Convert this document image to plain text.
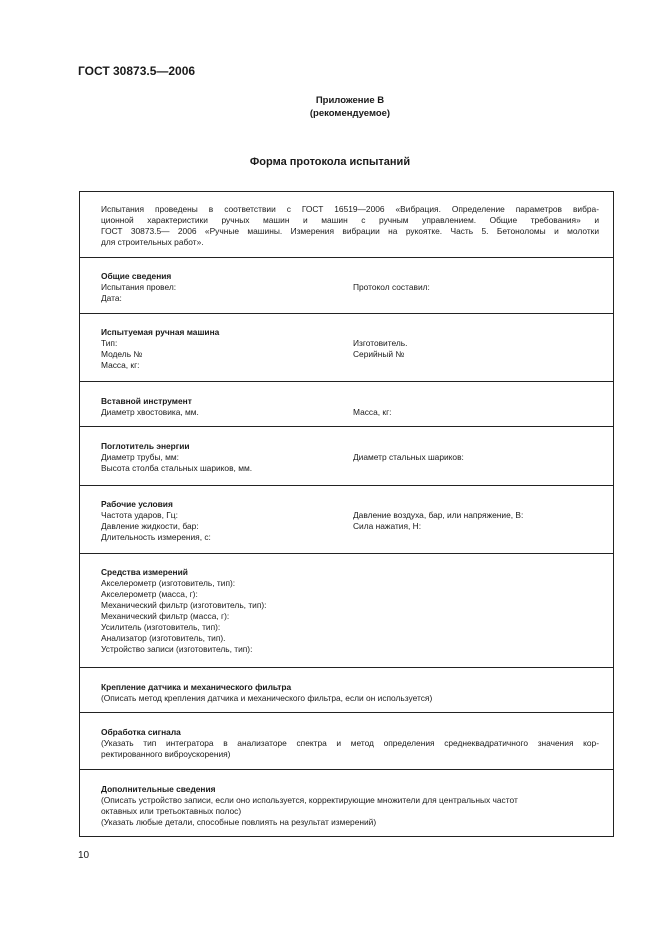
ГОСТ 30873.5—2006
Приложение В
(рекомендуемое)
Форма протокола испытаний
Испытания проведены в соответствии с ГОСТ 16519—2006 «Вибрация. Определение параметров вибра-
ционной характеристики ручных машин и машин с ручным управлением. Общие требования» и
ГОСТ 30873.5— 2006 «Ручные машины. Измерения вибрации на рукоятке. Часть 5. Бетоноломы и молотки
для строительных работ».
Общие сведения
Испытания провел:	Протокол составил:
Дата:
Испытуемая ручная машина
Тип:	Изготовитель.
Модель №	Серийный №
Масса, кг:
Вставной инструмент
Диаметр хвостовика, мм.	Масса, кг:
Поглотитель энергии
Диаметр трубы, мм:	Диаметр стальных шариков:
Высота столба стальных шариков, мм.
Рабочие условия
Частота ударов, Гц:	Давление воздуха, бар, или напряжение, В:
Давление жидкости, бар:	Сила нажатия, Н:
Длительность измерения, с:
Средства измерений
Акселерометр (изготовитель, тип):
Акселерометр (масса, г):
Механический фильтр (изготовитель, тип):
Механический фильтр (масса, г):
Усилитель (изготовитель, тип):
Анализатор (изготовитель, тип).
Устройство записи (изготовитель, тип):
Крепление датчика и механического фильтра
(Описать метод крепления датчика и механического фильтра, если он используется)
Обработка сигнала
(Указать тип интегратора в анализаторе спектра и метод определения среднеквадратичного значения кор-
ректированного виброускорения)
Дополнительные сведения
(Описать устройство записи, если оно используется, корректирующие множители для центральных частот
октавных или третьоктавных полос)
(Указать любые детали, способные повлиять на результат измерений)
10
